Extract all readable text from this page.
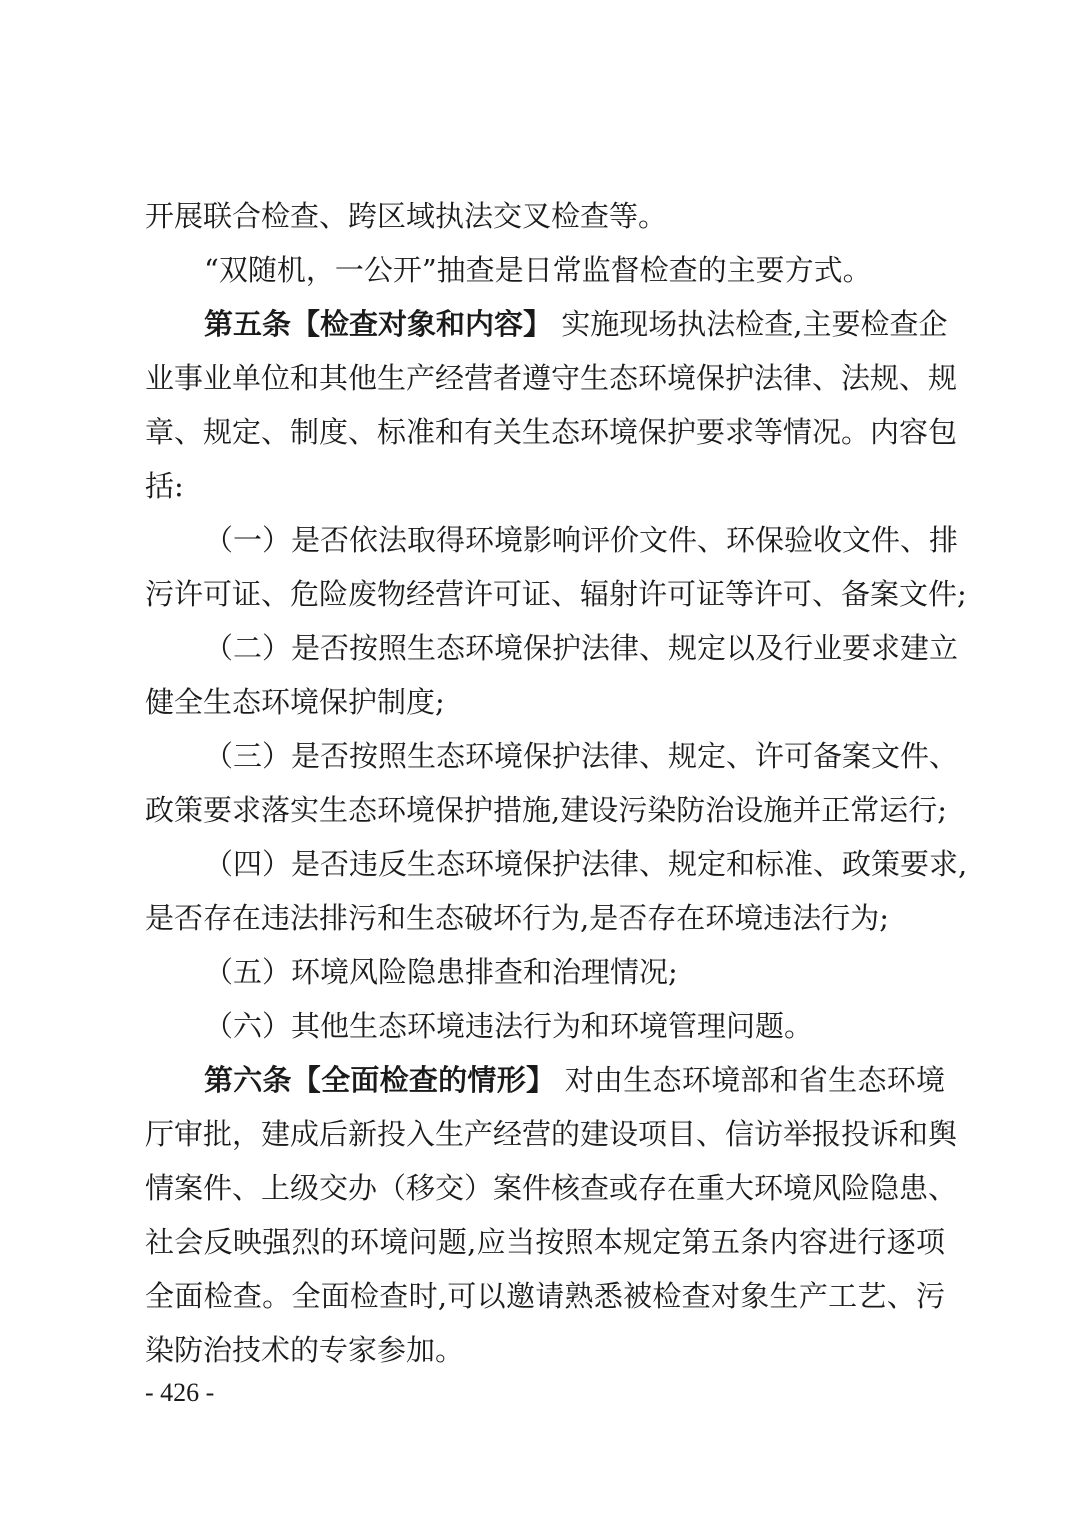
开展联合检查、跨区域执法交叉检查等。
“双随机，一公开”抽查是日常监督检查的主要方式。
第五条【检查对象和内容】 实施现场执法检查,主要检查企
业事业单位和其他生产经营者遵守生态环境保护法律、法规、规
章、规定、制度、标准和有关生态环境保护要求等情况。内容包
括:
（一）是否依法取得环境影响评价文件、环保验收文件、排
污许可证、危险废物经营许可证、辐射许可证等许可、备案文件;
（二）是否按照生态环境保护法律、规定以及行业要求建立
健全生态环境保护制度;
（三）是否按照生态环境保护法律、规定、许可备案文件、
政策要求落实生态环境保护措施,建设污染防治设施并正常运行;
（四）是否违反生态环境保护法律、规定和标准、政策要求,
是否存在违法排污和生态破坏行为,是否存在环境违法行为;
（五）环境风险隐患排查和治理情况;
（六）其他生态环境违法行为和环境管理问题。
第六条【全面检查的情形】 对由生态环境部和省生态环境
厅审批，建成后新投入生产经营的建设项目、信访举报投诉和舆
情案件、上级交办（移交）案件核查或存在重大环境风险隐患、
社会反映强烈的环境问题,应当按照本规定第五条内容进行逐项
全面检查。全面检查时,可以邀请熟悉被检查对象生产工艺、污
染防治技术的专家参加。
- 426 -
